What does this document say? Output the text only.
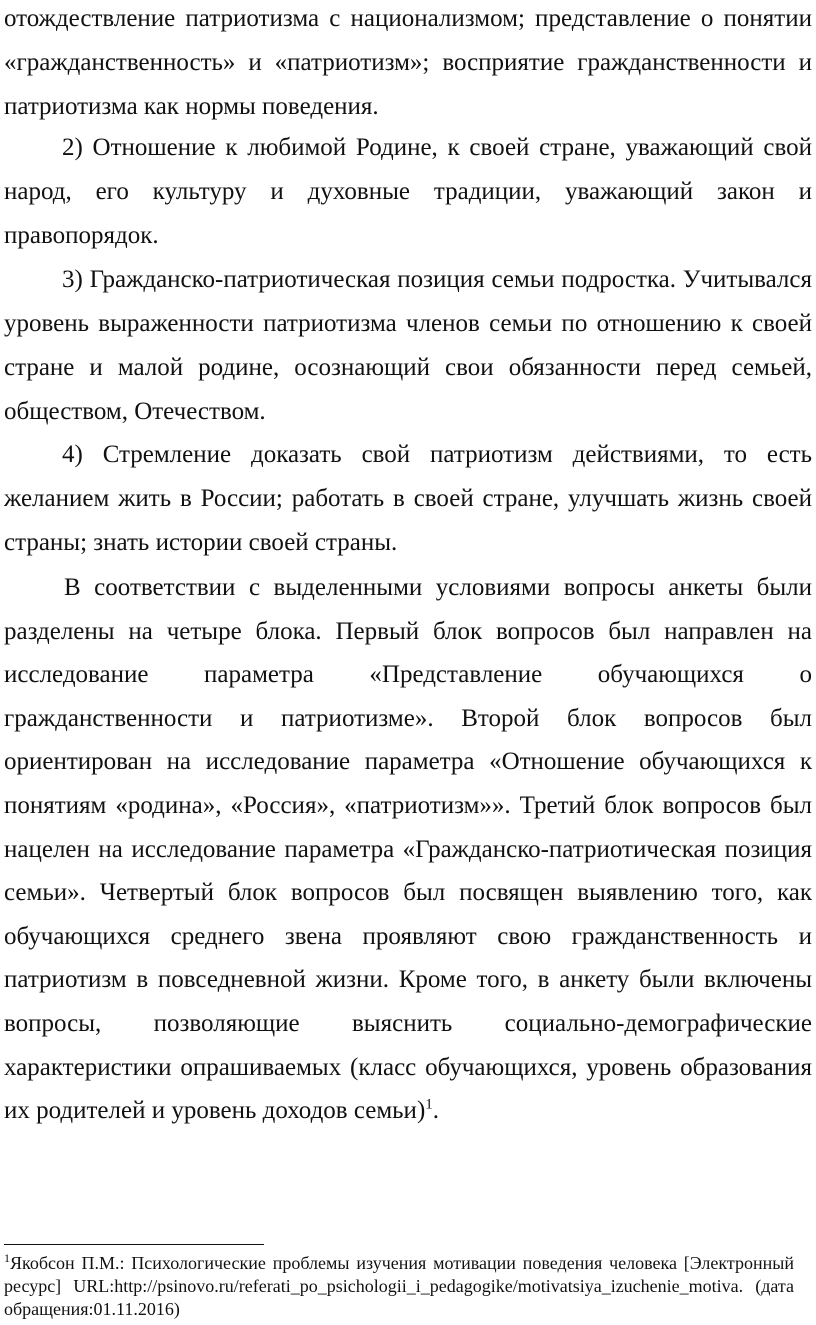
отождествление патриотизма с национализмом; представление о понятии «гражданственность» и «патриотизм»; восприятие гражданственности и патриотизма как нормы поведения.

2) Отношение к любимой Родине, к своей стране, уважающий свой народ, его культуру и духовные традиции, уважающий закон и правопорядок.

3) Гражданско-патриотическая позиция семьи подростка. Учитывался уровень выраженности патриотизма членов семьи по отношению к своей стране и малой родине, осознающий свои обязанности перед семьей, обществом, Отечеством.

4) Стремление доказать свой патриотизм действиями, то есть желанием жить в России; работать в своей стране, улучшать жизнь своей страны; знать истории своей страны.

В соответствии с выделенными условиями вопросы анкеты были разделены на четыре блока. Первый блок вопросов был направлен на исследование параметра «Представление обучающихся о гражданственности и патриотизме». Второй блок вопросов был ориентирован на исследование параметра «Отношение обучающихся к понятиям «родина», «Россия», «патриотизм»». Третий блок вопросов был нацелен на исследование параметра «Гражданско-патриотическая позиция семьи». Четвертый блок вопросов был посвящен выявлению того, как обучающихся среднего звена проявляют свою гражданственность и патриотизм в повседневной жизни. Кроме того, в анкету были включены вопросы, позволяющие выяснить социально-демографические характеристики опрашиваемых (класс обучающихся, уровень образования их родителей и уровень доходов семьи)$^1$.

$^1$Якобсон П.М.: Психологические проблемы изучения мотивации поведения человека [Электронный ресурс] URL:http://psinovo.ru/referati_po_psichologii_i_pedagogike/motivatsiya_izuchenie_motiva. (дата обращения:01.11.2016)
